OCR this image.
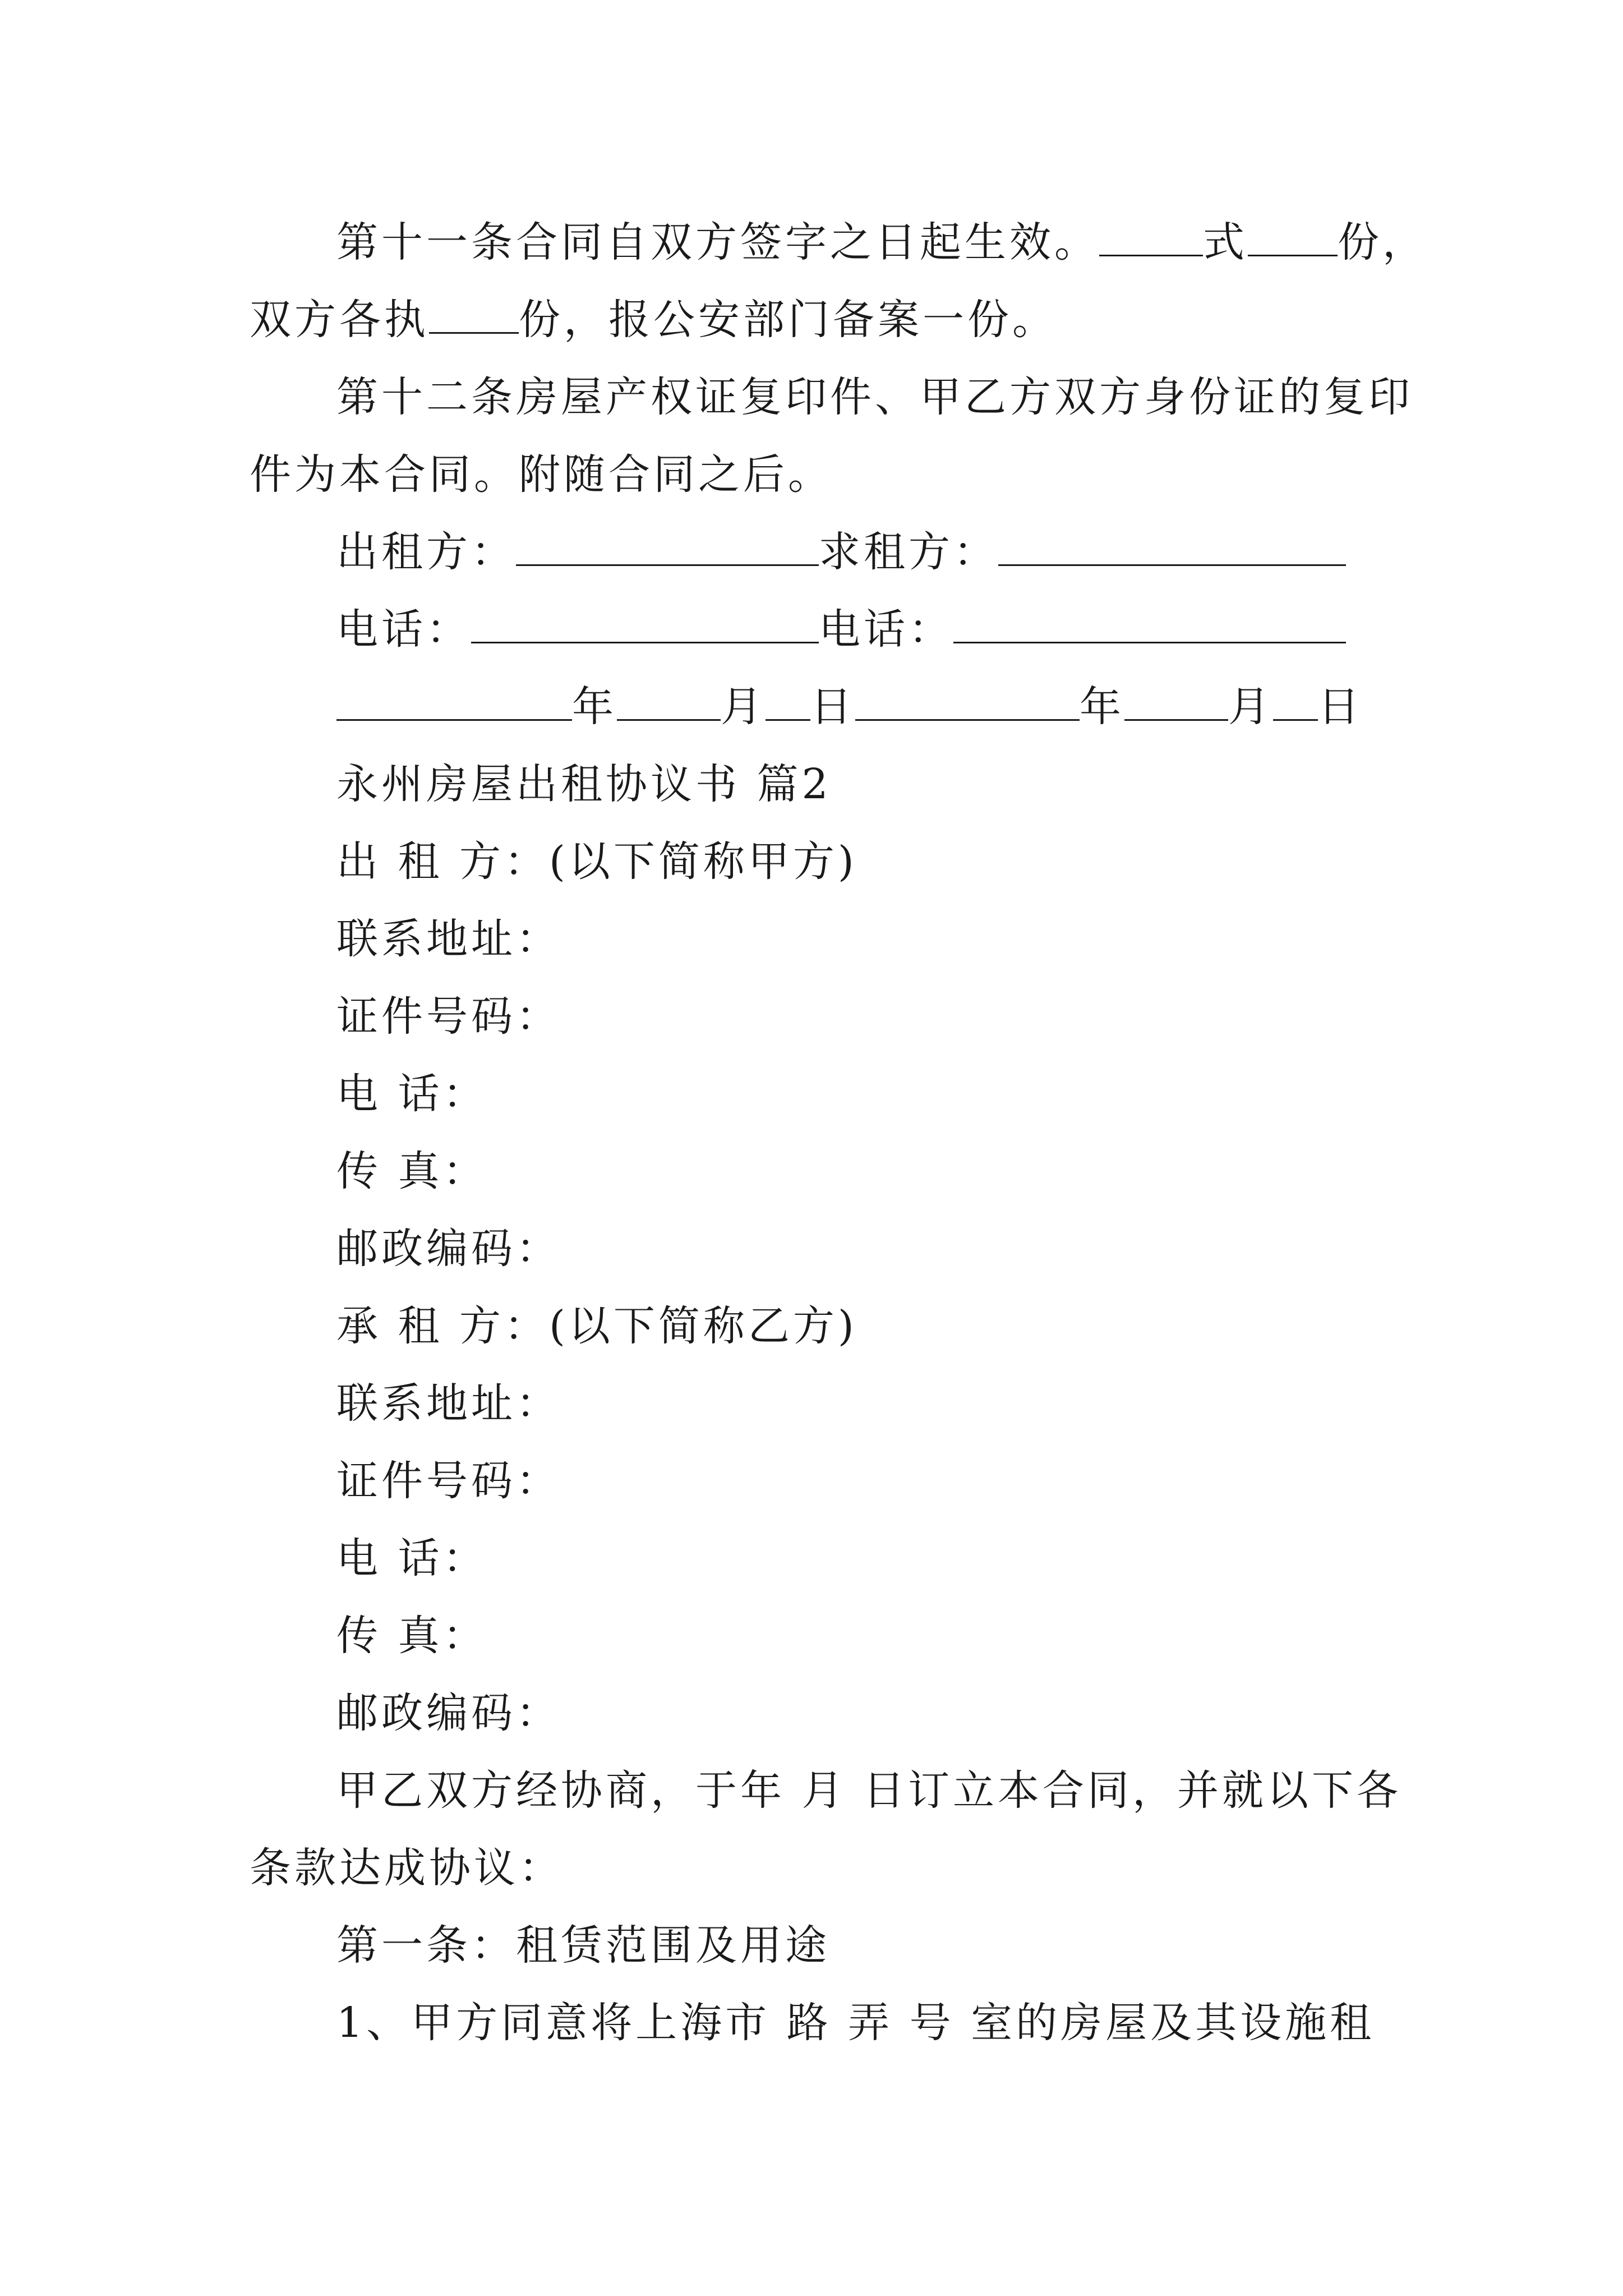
第十一条合同自双方签字之日起生效。	式 份，
双方各执 份，报公安部门备案一份。
第十二条房屋产权证复印件、甲乙方双方身份证的复印
件为本合同。附随合同之后。
出租方：	求租方：
电话：	电话：
年	月 日	年	月 日
永州房屋出租协议书 篇2
出 租 方：(以下简称甲方)
联系地址：
证件号码：
电 话：
传 真：
邮政编码：
承 租 方：(以下简称乙方)
联系地址：
证件号码：
电 话：
传 真：
邮政编码：
甲乙双方经协商，于年 月 日订立本合同，并就以下各
条款达成协议：
第一条：租赁范围及用途
1、甲方同意将上海市 路 弄 号 室的房屋及其设施租
